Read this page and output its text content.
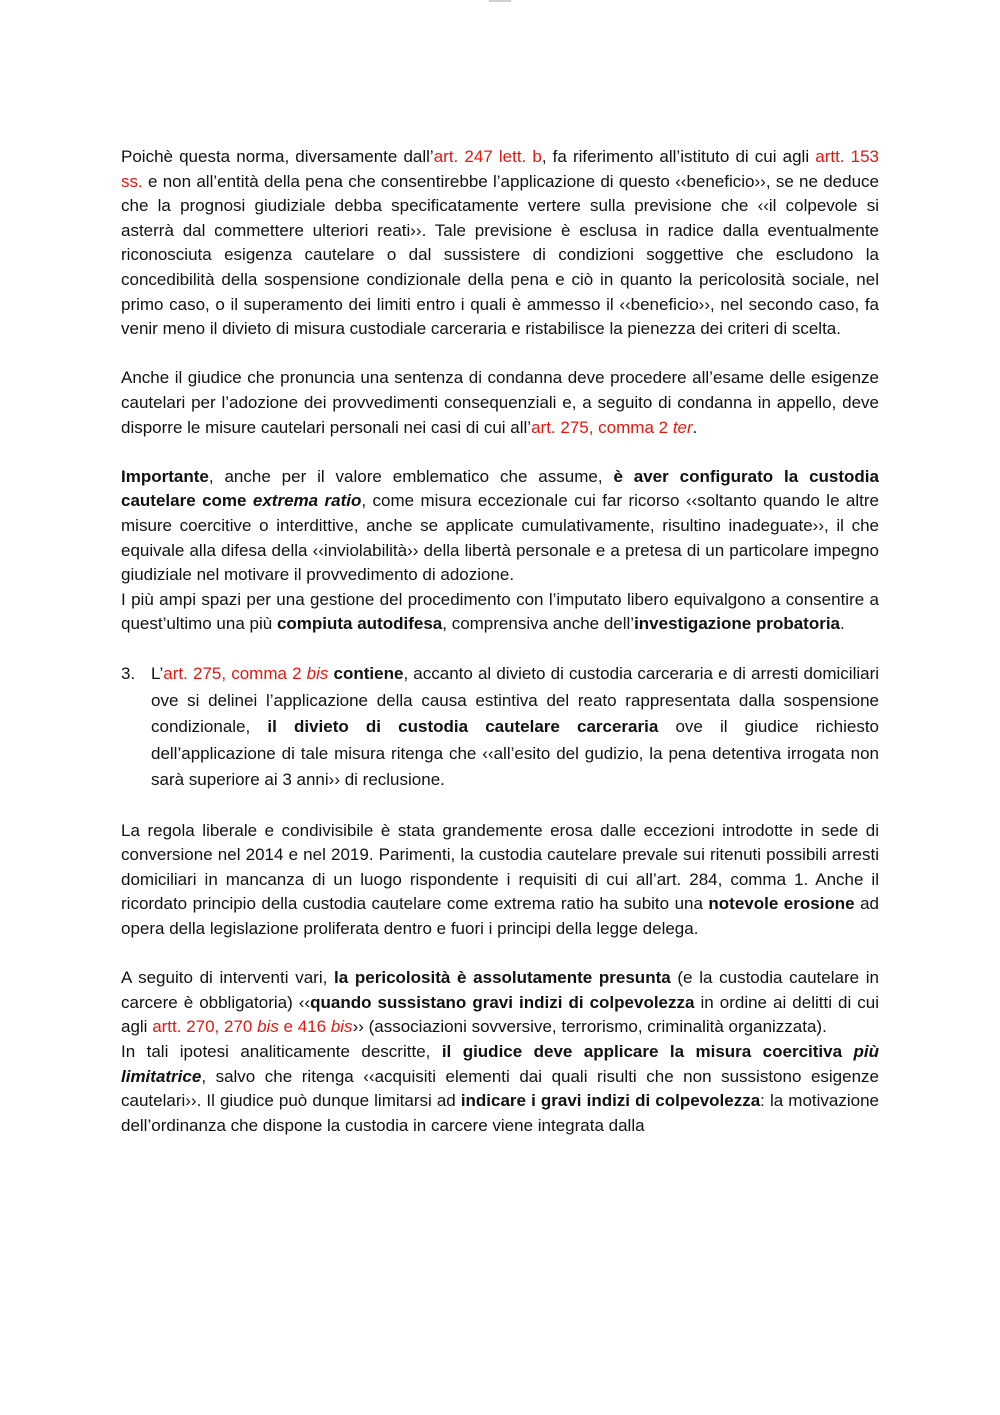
Poichè questa norma, diversamente dall’art. 247 lett. b, fa riferimento all’istituto di cui agli artt. 153 ss. e non all’entità della pena che consentirebbe l’applicazione di questo ‹‹beneficio››, se ne deduce che la prognosi giudiziale debba specificatamente vertere sulla previsione che ‹‹il colpevole si asterrà dal commettere ulteriori reati››. Tale previsione è esclusa in radice dalla eventualmente riconosciuta esigenza cautelare o dal sussistere di condizioni soggettive che escludono la concedibilità della sospensione condizionale della pena e ciò in quanto la pericolosità sociale, nel primo caso, o il superamento dei limiti entro i quali è ammesso il ‹‹beneficio››, nel secondo caso, fa venir meno il divieto di misura custodiale carceraria e ristabilisce la pienezza dei criteri di scelta.

Anche il giudice che pronuncia una sentenza di condanna deve procedere all’esame delle esigenze cautelari per l’adozione dei provvedimenti consequenziali e, a seguito di condanna in appello, deve disporre le misure cautelari personali nei casi di cui all’art. 275, comma 2 ter.

Importante, anche per il valore emblematico che assume, è aver configurato la custodia cautelare come extrema ratio, come misura eccezionale cui far ricorso ‹‹soltanto quando le altre misure coercitive o interdittive, anche se applicate cumulativamente, risultino inadeguate››, il che equivale alla difesa della ‹‹inviolabilità›› della libertà personale e a pretesa di un particolare impegno giudiziale nel motivare il provvedimento di adozione.

I più ampi spazi per una gestione del procedimento con l’imputato libero equivalgono a consentire a quest’ultimo una più compiuta autodifesa, comprensiva anche dell’investigazione probatoria.

3. L’art. 275, comma 2 bis contiene, accanto al divieto di custodia carceraria e di arresti domiciliari ove si delinei l’applicazione della causa estintiva del reato rappresentata dalla sospensione condizionale, il divieto di custodia cautelare carceraria ove il giudice richiesto dell’applicazione di tale misura ritenga che ‹‹all’esito del gudizio, la pena detentiva irrogata non sarà superiore ai 3 anni›› di reclusione.

La regola liberale e condivisibile è stata grandemente erosa dalle eccezioni introdotte in sede di conversione nel 2014 e nel 2019. Parimenti, la custodia cautelare prevale sui ritenuti possibili arresti domiciliari in mancanza di un luogo rispondente i requisiti di cui all’art. 284, comma 1. Anche il ricordato principio della custodia cautelare come extrema ratio ha subito una notevole erosione ad opera della legislazione proliferata dentro e fuori i principi della legge delega.

A seguito di interventi vari, la pericolosità è assolutamente presunta (e la custodia cautelare in carcere è obbligatoria) ‹‹quando sussistano gravi indizi di colpevolezza in ordine ai delitti di cui agli artt. 270, 270 bis e 416 bis›› (associazioni sovversive, terrorismo, criminalità organizzata).

In tali ipotesi analiticamente descritte, il giudice deve applicare la misura coercitiva più limitatrice, salvo che ritenga ‹‹acquisiti elementi dai quali risulti che non sussistono esigenze cautelari››. Il giudice può dunque limitarsi ad indicare i gravi indizi di colpevolezza: la motivazione dell’ordinanza che dispone la custodia in carcere viene integrata dalla
